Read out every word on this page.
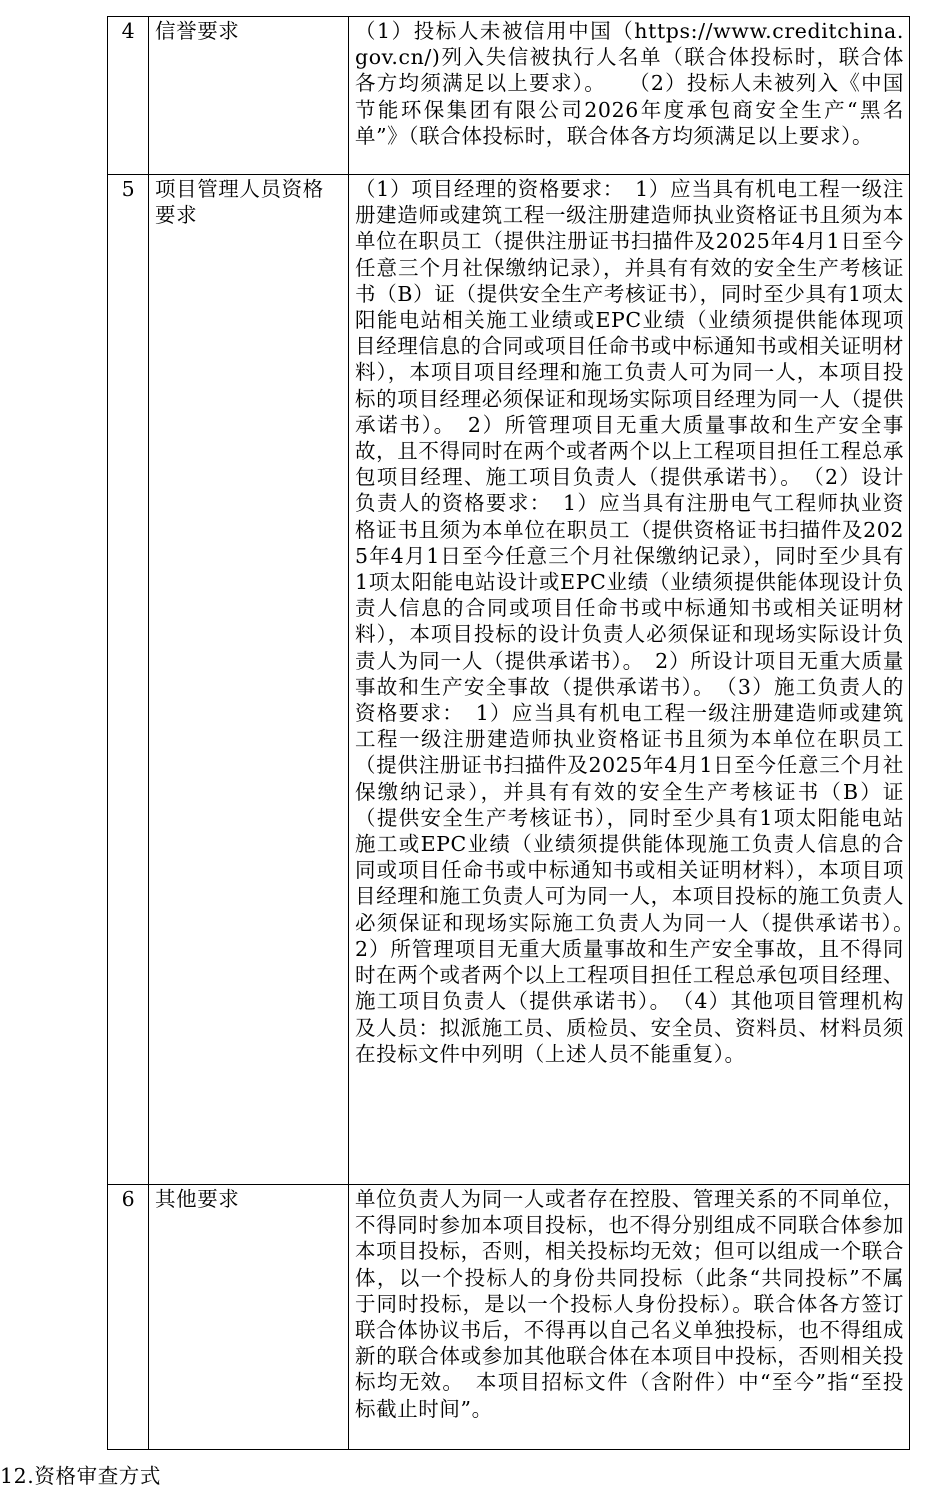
4	信誉要求	（1）投标人未被信用中国（https://www.creditchina.gov.cn/)列入失信被执行人名单（联合体投标时，联合体各方均须满足以上要求）。　　（2）投标人未被列入《中国节能环保集团有限公司2026年度承包商安全生产“黑名单”》（联合体投标时，联合体各方均须满足以上要求）。
5	项目管理人员资格要求	（1）项目经理的资格要求：　1）应当具有机电工程一级注册建造师或建筑工程一级注册建造师执业资格证书且须为本单位在职员工（提供注册证书扫描件及2025年4月1日至今任意三个月社保缴纳记录），并具有有效的安全生产考核证书（B）证（提供安全生产考核证书），同时至少具有1项太阳能电站相关施工业绩或EPC业绩（业绩须提供能体现项目经理信息的合同或项目任命书或中标通知书或相关证明材料），本项目项目经理和施工负责人可为同一人，本项目投标的项目经理必须保证和现场实际项目经理为同一人（提供承诺书）。　2）所管理项目无重大质量事故和生产安全事故，且不得同时在两个或者两个以上工程项目担任工程总承包项目经理、施工项目负责人（提供承诺书）。　（2）设计负责人的资格要求：　1）应当具有注册电气工程师执业资格证书且须为本单位在职员工（提供资格证书扫描件及2025年4月1日至今任意三个月社保缴纳记录），同时至少具有1项太阳能电站设计或EPC业绩（业绩须提供能体现设计负责人信息的合同或项目任命书或中标通知书或相关证明材料），本项目投标的设计负责人必须保证和现场实际设计负责人为同一人（提供承诺书）。　2）所设计项目无重大质量事故和生产安全事故（提供承诺书）。　（3）施工负责人的资格要求：　1）应当具有机电工程一级注册建造师或建筑工程一级注册建造师执业资格证书且须为本单位在职员工（提供注册证书扫描件及2025年4月1日至今任意三个月社保缴纳记录），并具有有效的安全生产考核证书（B）证（提供安全生产考核证书），同时至少具有1项太阳能电站施工或EPC业绩（业绩须提供能体现施工负责人信息的合同或项目任命书或中标通知书或相关证明材料），本项目项目经理和施工负责人可为同一人，本项目投标的施工负责人必须保证和现场实际施工负责人为同一人（提供承诺书）。　2）所管理项目无重大质量事故和生产安全事故，且不得同时在两个或者两个以上工程项目担任工程总承包项目经理、施工项目负责人（提供承诺书）。　（4）其他项目管理机构及人员：拟派施工员、质检员、安全员、资料员、材料员须在投标文件中列明（上述人员不能重复）。
6	其他要求	单位负责人为同一人或者存在控股、管理关系的不同单位，不得同时参加本项目投标，也不得分别组成不同联合体参加本项目投标，否则，相关投标均无效；但可以组成一个联合体，以一个投标人的身份共同投标（此条“共同投标”不属于同时投标，是以一个投标人身份投标）。联合体各方签订联合体协议书后，不得再以自己名义单独投标，也不得组成新的联合体或参加其他联合体在本项目中投标，否则相关投标均无效。　本项目招标文件（含附件）中“至今”指“至投标截止时间”。

12.资格审查方式
